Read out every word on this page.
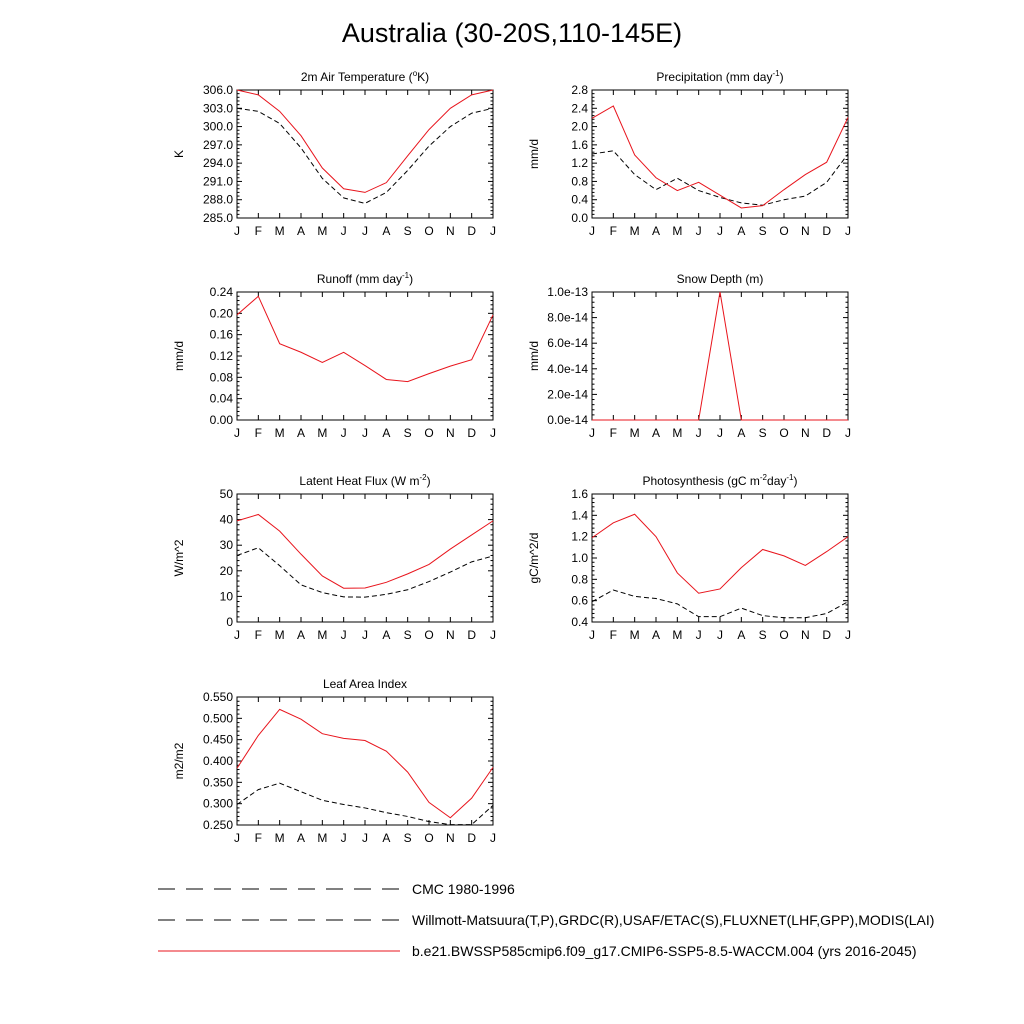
Australia (30-20S,110-145E)
2m Air Temperature ($^o$K)
285.0
288.0
291.0
294.0
297.0
300.0
303.0
306.0
J F M A M J J A S O N D J
K
Precipitation (mm day$^{-1}$)
0.0
0.4
0.8
1.2
1.6
2.0
2.4
2.8
J F M A M J J A S O N D J
mm/d
Runoff (mm day$^{-1}$)
0.00
0.04
0.08
0.12
0.16
0.20
0.24
J F M A M J J A S O N D J
mm/d
Snow Depth (m)
0.0e-14
2.0e-14
4.0e-14
6.0e-14
8.0e-14
1.0e-13
J F M A M J J A S O N D J
mm/d
Latent Heat Flux (W $m^{-2}$)
0
10
20
30
40
50
J F M A M J J A S O N D J
W/m^2
Photosynthesis (gC $m^{-2}day^{-1}$)
0.4
0.6
0.8
1.0
1.2
1.4
1.6
J F M A M J J A S O N D J
gC/m^2/d
Leaf Area Index
0.250
0.300
0.350
0.400
0.450
0.500
0.550
J F M A M J J A S O N D J
m2/m2
CMC 1980-1996
Willmott-Matsuura(T,P),GRDC(R),USAF/ETAC(S),FLUXNET(LHF,GPP),MODIS(LAI)
b.e21.BWSSP585cmip6.f09_g17.CMIP6-SSP5-8.5-WACCM.004 (yrs 2016-2045)
